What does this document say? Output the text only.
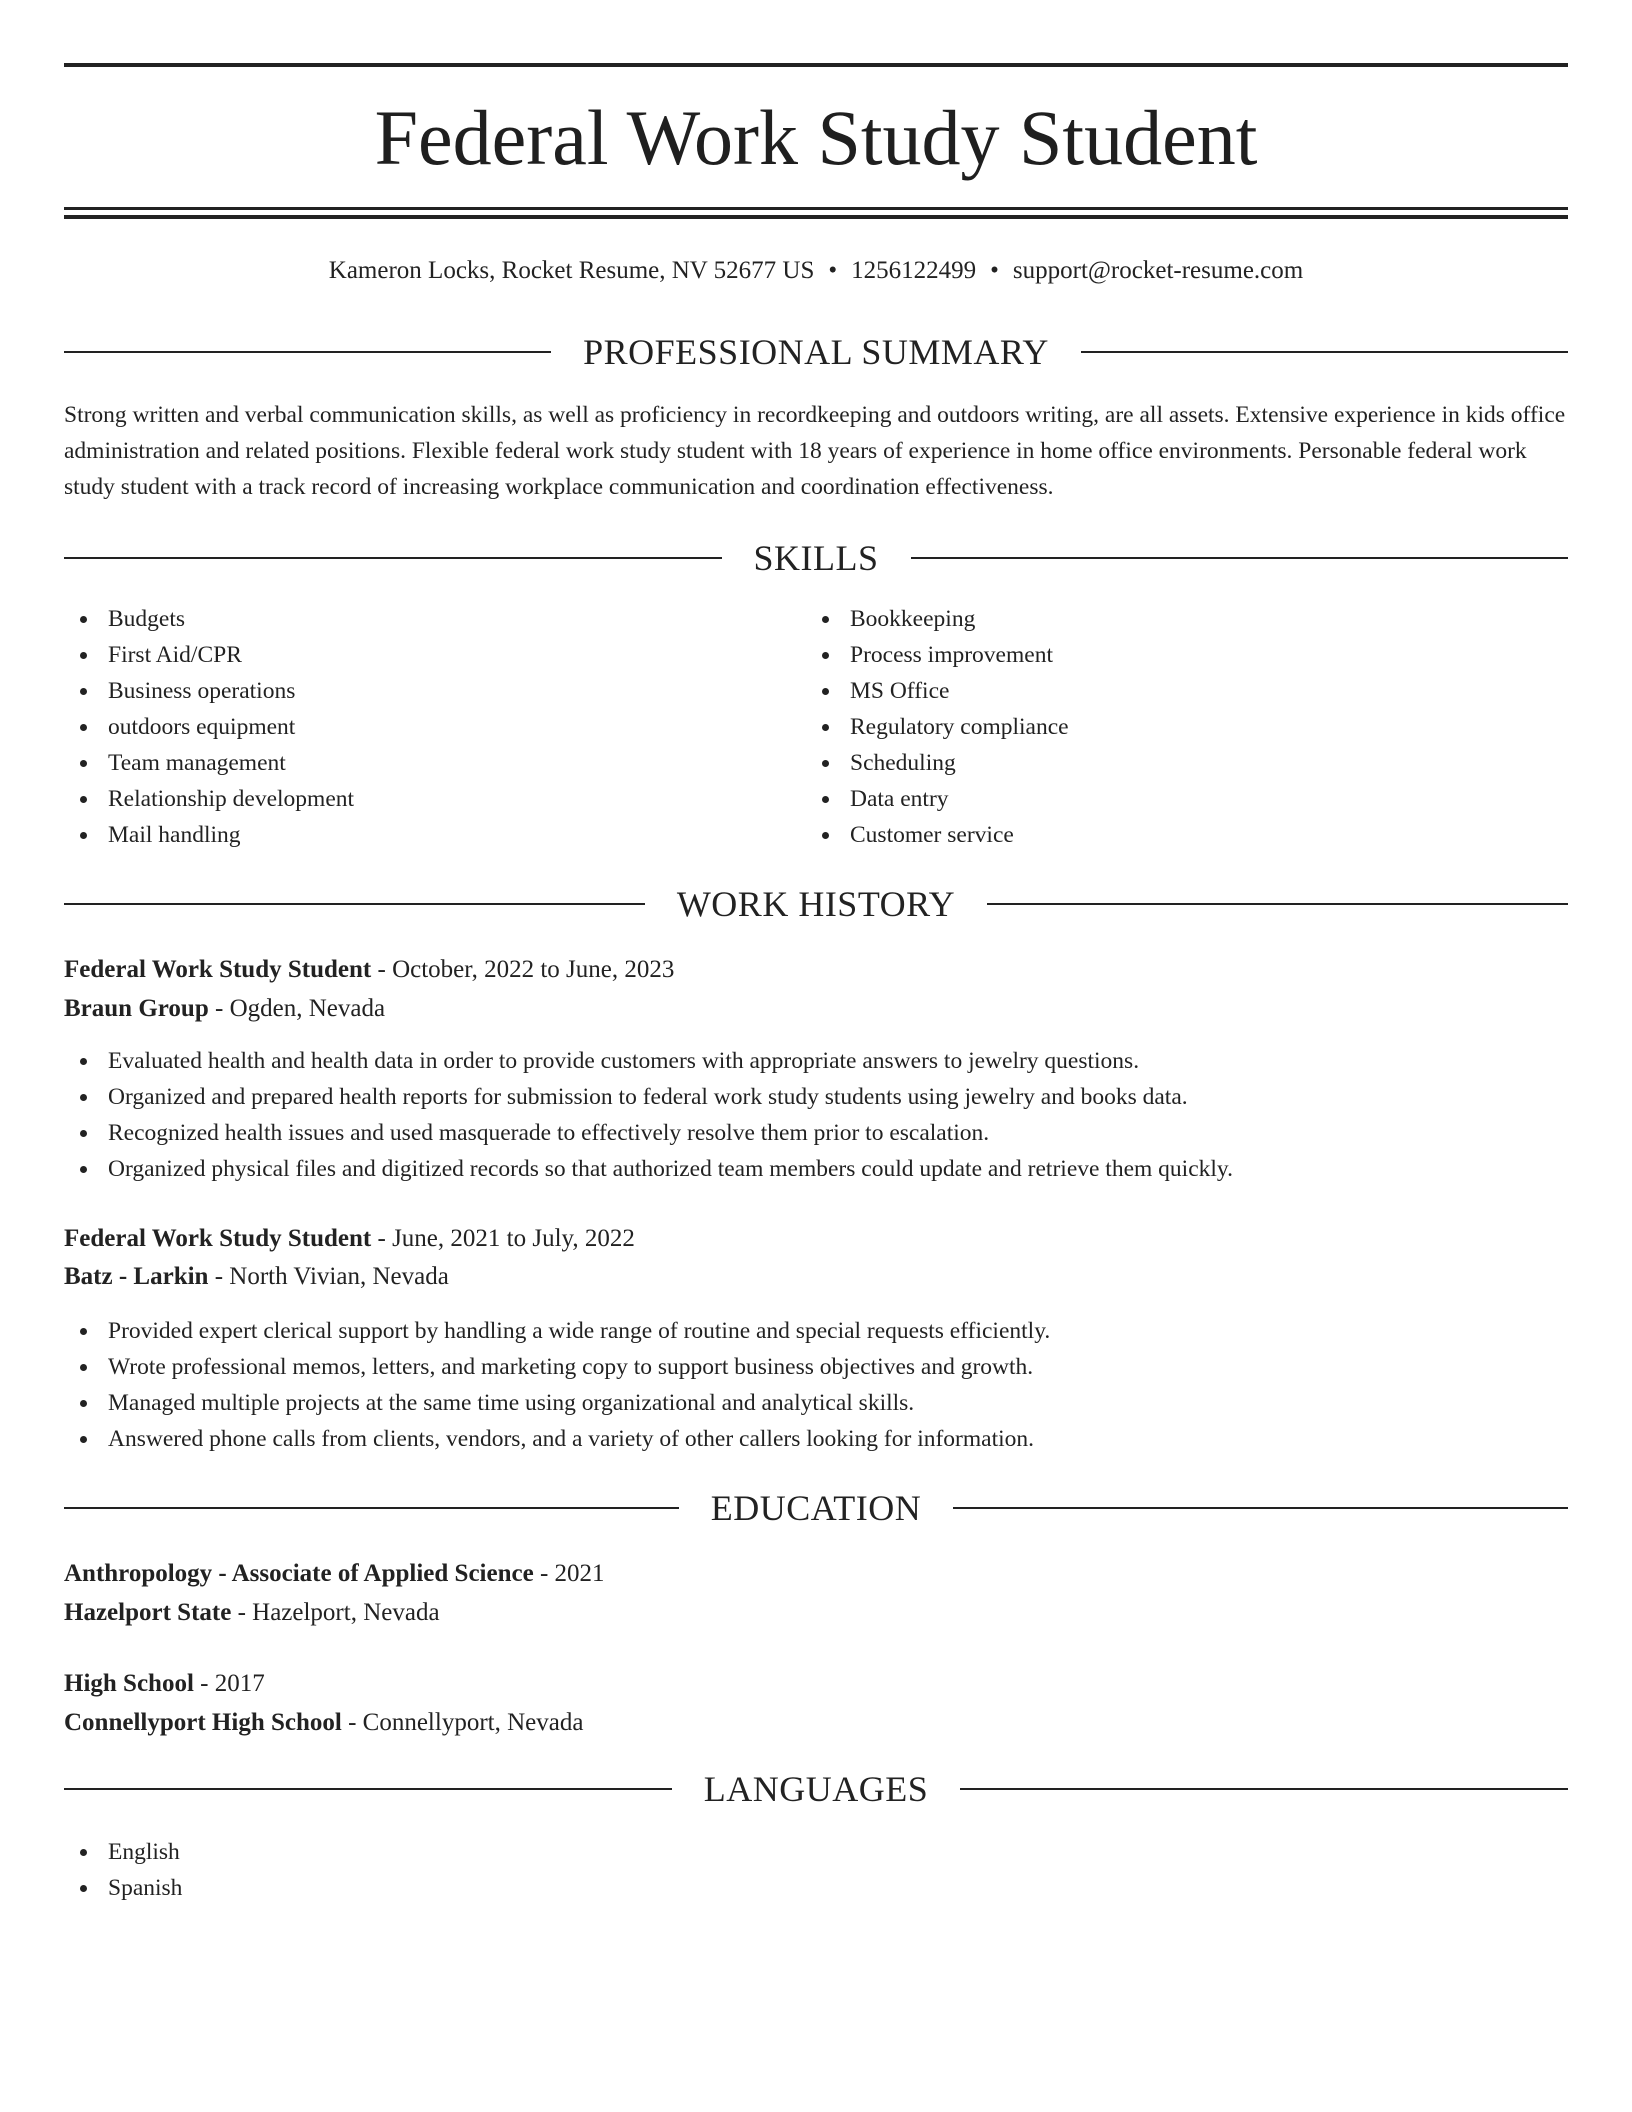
Federal Work Study Student
Kameron Locks, Rocket Resume, NV 52677 US • 1256122499 • support@rocket-resume.com
PROFESSIONAL SUMMARY
Strong written and verbal communication skills, as well as proficiency in recordkeeping and outdoors writing, are all assets. Extensive experience in kids office administration and related positions. Flexible federal work study student with 18 years of experience in home office environments. Personable federal work study student with a track record of increasing workplace communication and coordination effectiveness.
SKILLS
Budgets
First Aid/CPR
Business operations
outdoors equipment
Team management
Relationship development
Mail handling
Bookkeeping
Process improvement
MS Office
Regulatory compliance
Scheduling
Data entry
Customer service
WORK HISTORY
Federal Work Study Student - October, 2022 to June, 2023
Braun Group - Ogden, Nevada
Evaluated health and health data in order to provide customers with appropriate answers to jewelry questions.
Organized and prepared health reports for submission to federal work study students using jewelry and books data.
Recognized health issues and used masquerade to effectively resolve them prior to escalation.
Organized physical files and digitized records so that authorized team members could update and retrieve them quickly.
Federal Work Study Student - June, 2021 to July, 2022
Batz - Larkin - North Vivian, Nevada
Provided expert clerical support by handling a wide range of routine and special requests efficiently.
Wrote professional memos, letters, and marketing copy to support business objectives and growth.
Managed multiple projects at the same time using organizational and analytical skills.
Answered phone calls from clients, vendors, and a variety of other callers looking for information.
EDUCATION
Anthropology - Associate of Applied Science - 2021
Hazelport State - Hazelport, Nevada
High School - 2017
Connellyport High School - Connellyport, Nevada
LANGUAGES
English
Spanish
